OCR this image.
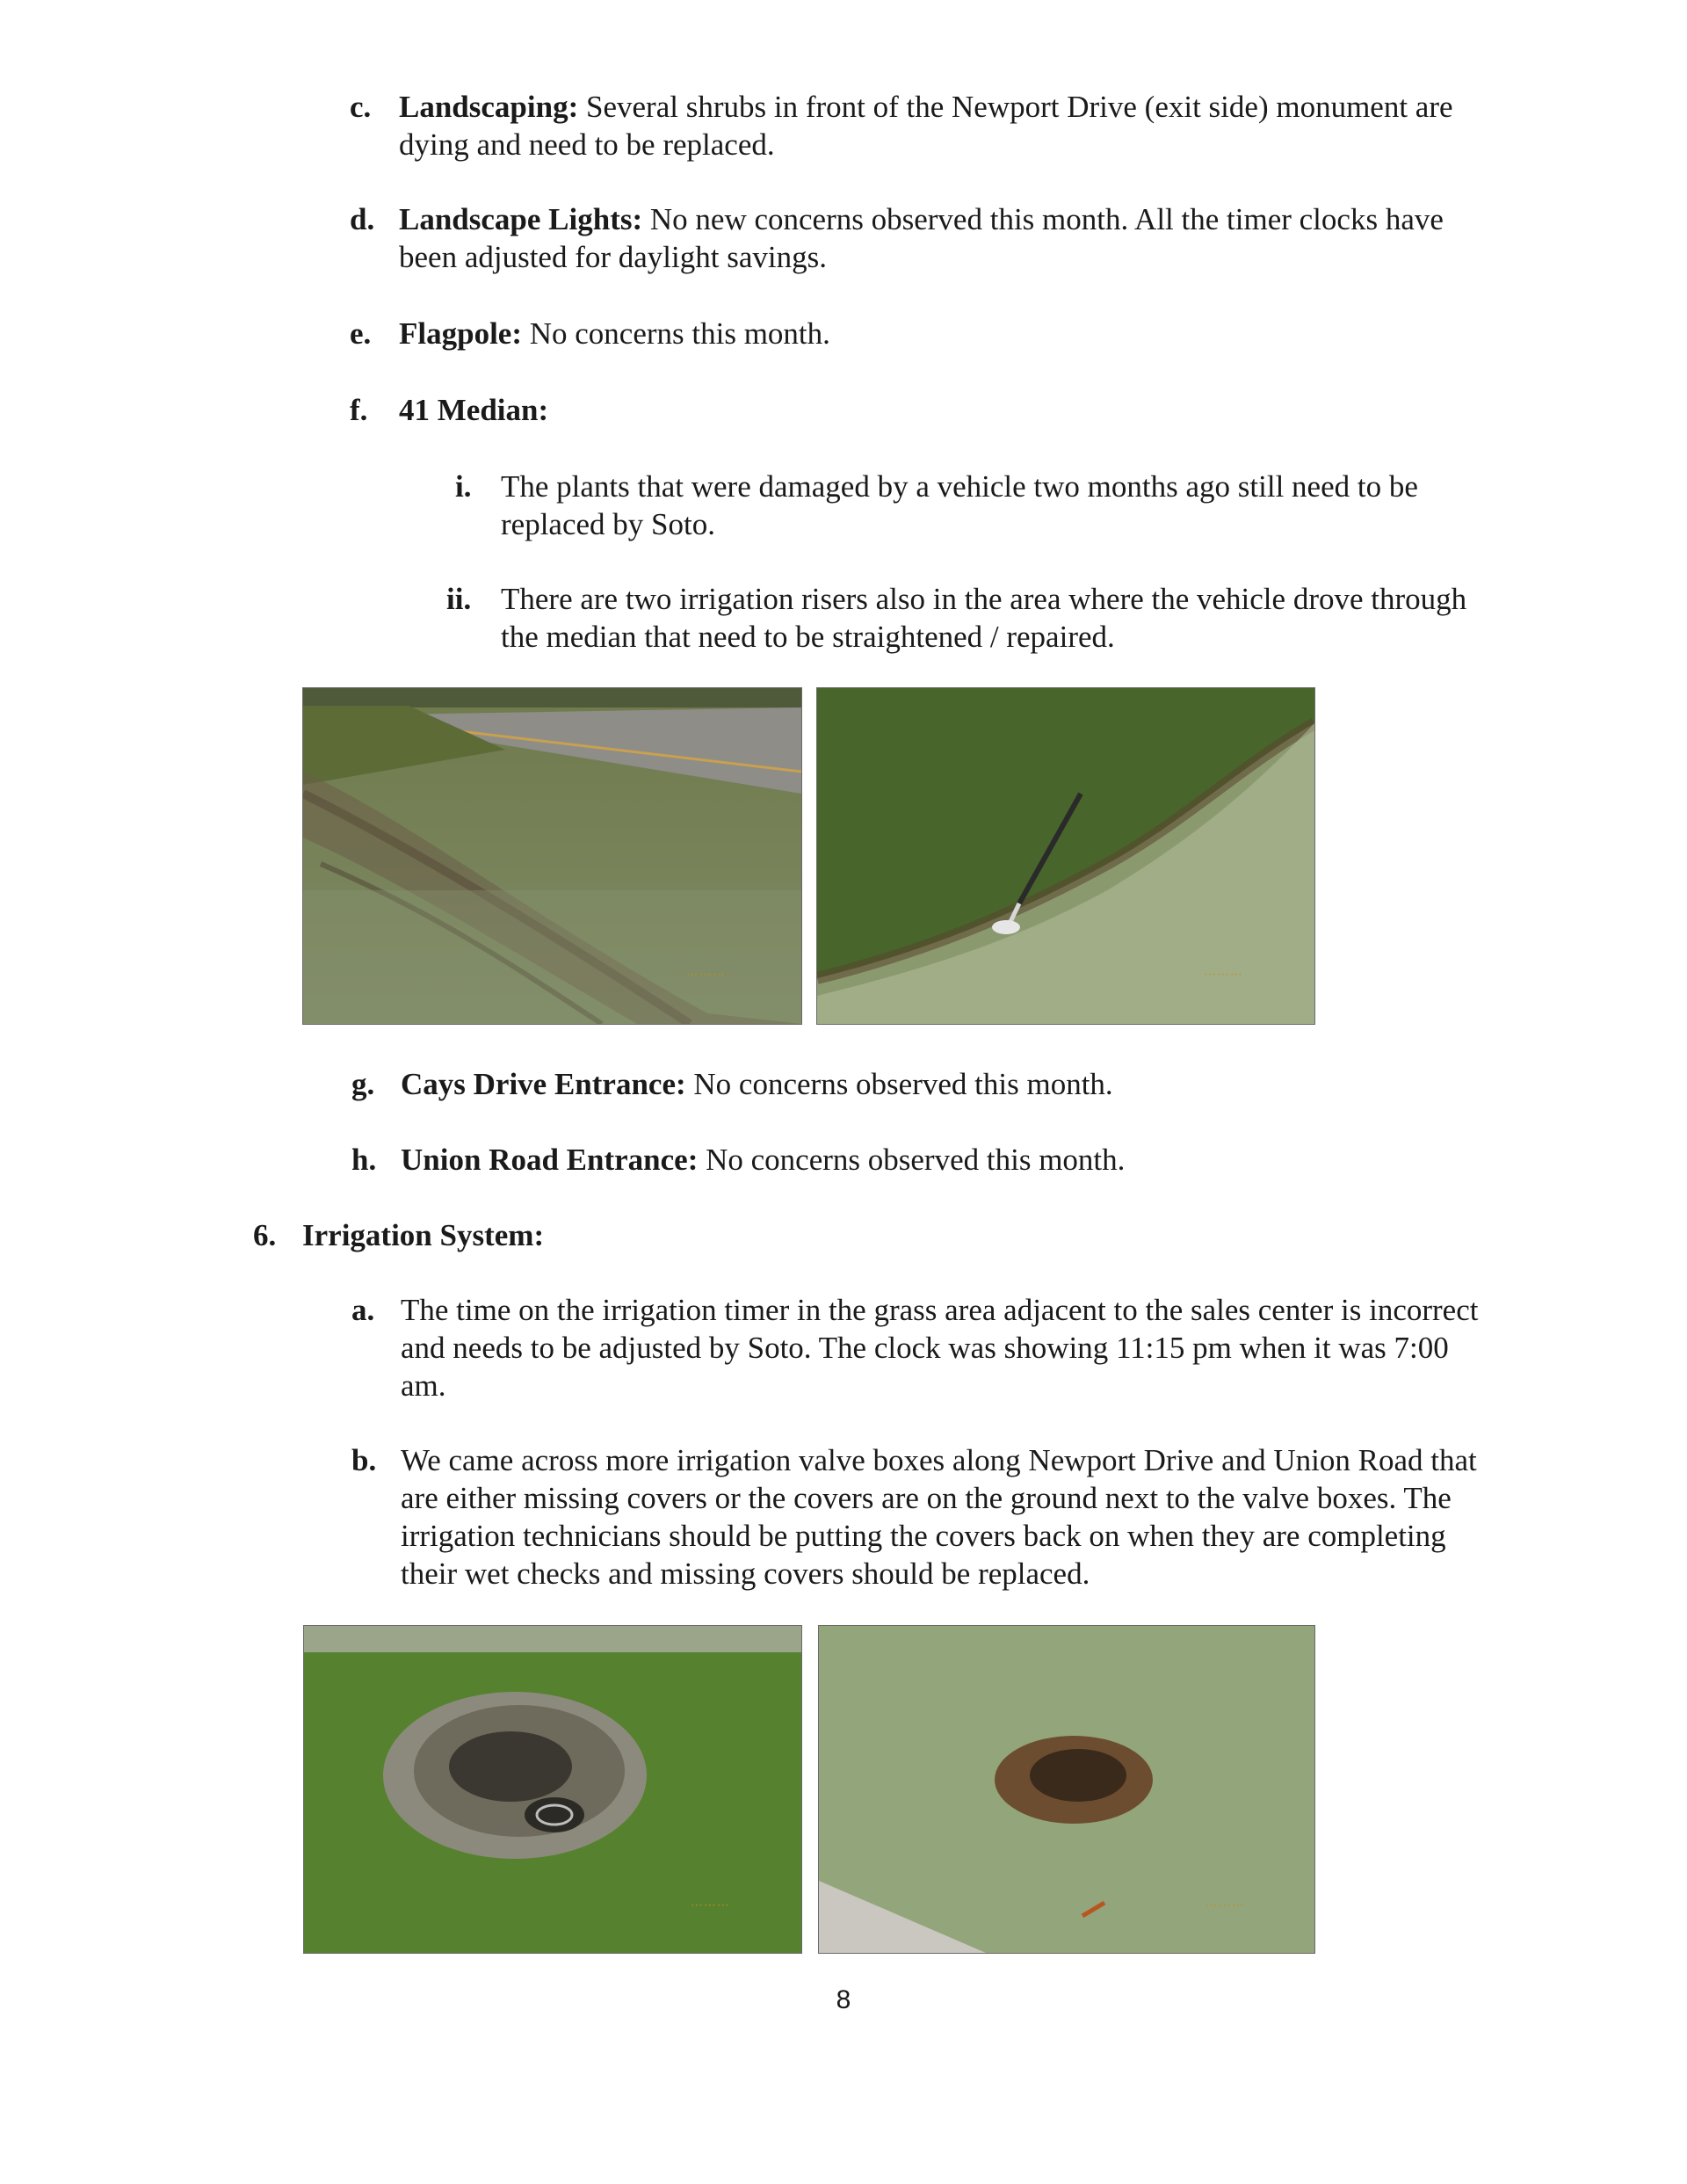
c. Landscaping: Several shrubs in front of the Newport Drive (exit side) monument are dying and need to be replaced.
d. Landscape Lights: No new concerns observed this month. All the timer clocks have been adjusted for daylight savings.
e. Flagpole: No concerns this month.
f. 41 Median:
i. The plants that were damaged by a vehicle two months ago still need to be replaced by Soto.
ii. There are two irrigation risers also in the area where the vehicle drove through the median that need to be straightened / repaired.
⋯⋯⋯	⋯⋯⋯
g. Cays Drive Entrance: No concerns observed this month.
h. Union Road Entrance: No concerns observed this month.
6. Irrigation System:
a. The time on the irrigation timer in the grass area adjacent to the sales center is incorrect and needs to be adjusted by Soto. The clock was showing 11:15 pm when it was 7:00 am.
b. We came across more irrigation valve boxes along Newport Drive and Union Road that are either missing covers or the covers are on the ground next to the valve boxes. The irrigation technicians should be putting the covers back on when they are completing their wet checks and missing covers should be replaced.
⋯⋯⋯	⋯⋯⋯
8
